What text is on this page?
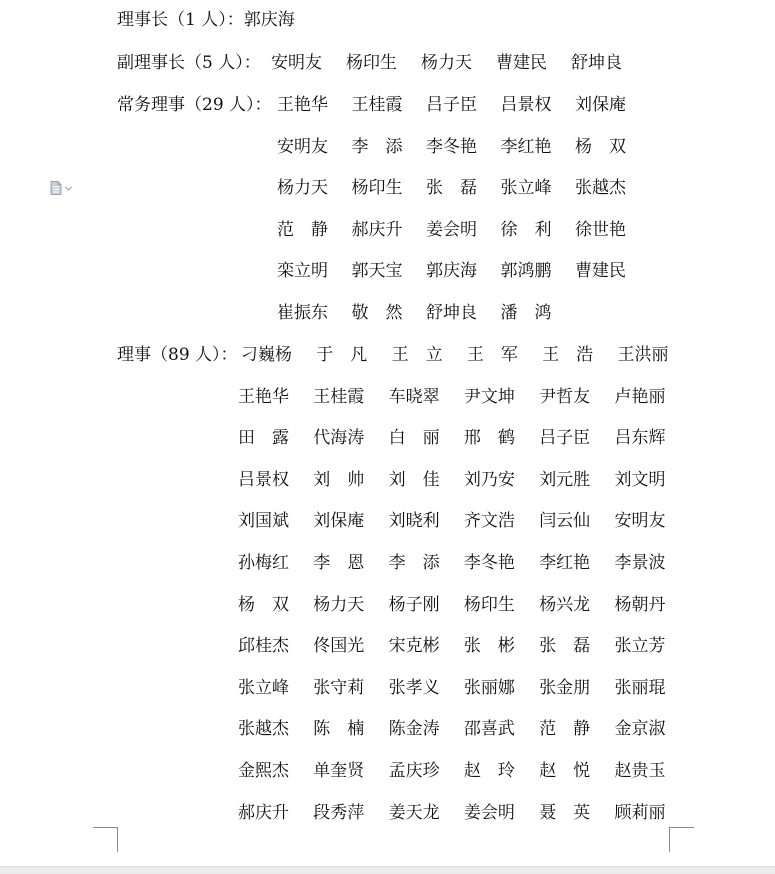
理事长（1 人）：郭庆海
副理事长（5 人）： 安明友 杨印生 杨力天 曹建民 舒坤良
常务理事（29 人）： 王艳华 王桂霞 吕子臣 吕景权 刘保庵
安明友 李　添 李冬艳 李红艳 杨　双
杨力天 杨印生 张　磊 张立峰 张越杰
范　静 郝庆升 姜会明 徐　利 徐世艳
栾立明 郭天宝 郭庆海 郭鸿鹏 曹建民
崔振东 敬　然 舒坤良 潘　鸿
理事（89 人）： 刁巍杨 于　凡 王　立 王　军 王　浩 王洪丽
王艳华 王桂霞 车晓翠 尹文坤 尹哲友 卢艳丽
田　露 代海涛 白　丽 邢　鹤 吕子臣 吕东辉
吕景权 刘　帅 刘　佳 刘乃安 刘元胜 刘文明
刘国斌 刘保庵 刘晓利 齐文浩 闫云仙 安明友
孙梅红 李　恩 李　添 李冬艳 李红艳 李景波
杨　双 杨力天 杨子刚 杨印生 杨兴龙 杨朝丹
邱桂杰 佟国光 宋克彬 张　彬 张　磊 张立芳
张立峰 张守莉 张孝义 张丽娜 张金朋 张丽琨
张越杰 陈　楠 陈金涛 邵喜武 范　静 金京淑
金熙杰 单奎贤 孟庆珍 赵　玲 赵　悦 赵贵玉
郝庆升 段秀萍 姜天龙 姜会明 聂　英 顾莉丽
